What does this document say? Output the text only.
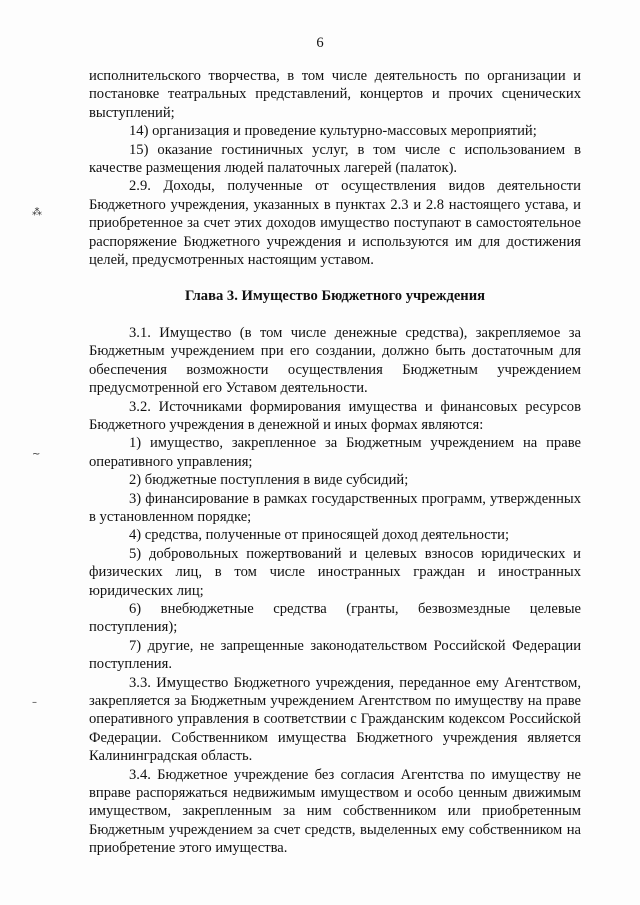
6
⁂
~
–

исполнительского творчества, в том числе деятельность по организации и постановке театральных представлений, концертов и прочих сценических выступлений;

14) организация и проведение культурно-массовых мероприятий;

15) оказание гостиничных услуг, в том числе с использованием в качестве размещения людей палаточных лагерей (палаток).

2.9. Доходы, полученные от осуществления видов деятельности Бюджетного учреждения, указанных в пунктах 2.3 и 2.8 настоящего устава, и приобретенное за счет этих доходов имущество поступают в самостоятельное распоряжение Бюджетного учреждения и используются им для достижения целей, предусмотренных настоящим уставом.

Глава 3. Имущество Бюджетного учреждения

3.1. Имущество (в том числе денежные средства), закрепляемое за Бюджетным учреждением при его создании, должно быть достаточным для обеспечения возможности осуществления Бюджетным учреждением предусмотренной его Уставом деятельности.

3.2. Источниками формирования имущества и финансовых ресурсов Бюджетного учреждения в денежной и иных формах являются:

1) имущество, закрепленное за Бюджетным учреждением на праве оперативного управления;

2) бюджетные поступления в виде субсидий;

3) финансирование в рамках государственных программ, утвержденных в установленном порядке;

4) средства, полученные от приносящей доход деятельности;

5) добровольных пожертвований и целевых взносов юридических и физических лиц, в том числе иностранных граждан и иностранных юридических лиц;

6) внебюджетные средства (гранты, безвозмездные целевые поступления);

7) другие, не запрещенные законодательством Российской Федерации поступления.

3.3. Имущество Бюджетного учреждения, переданное ему Агентством, закрепляется за Бюджетным учреждением Агентством по имуществу на праве оперативного управления в соответствии с Гражданским кодексом Российской Федерации. Собственником имущества Бюджетного учреждения является Калининградская область.

3.4. Бюджетное учреждение без согласия Агентства по имуществу не вправе распоряжаться недвижимым имуществом и особо ценным движимым имуществом, закрепленным за ним собственником или приобретенным Бюджетным учреждением за счет средств, выделенных ему собственником на приобретение этого имущества.
